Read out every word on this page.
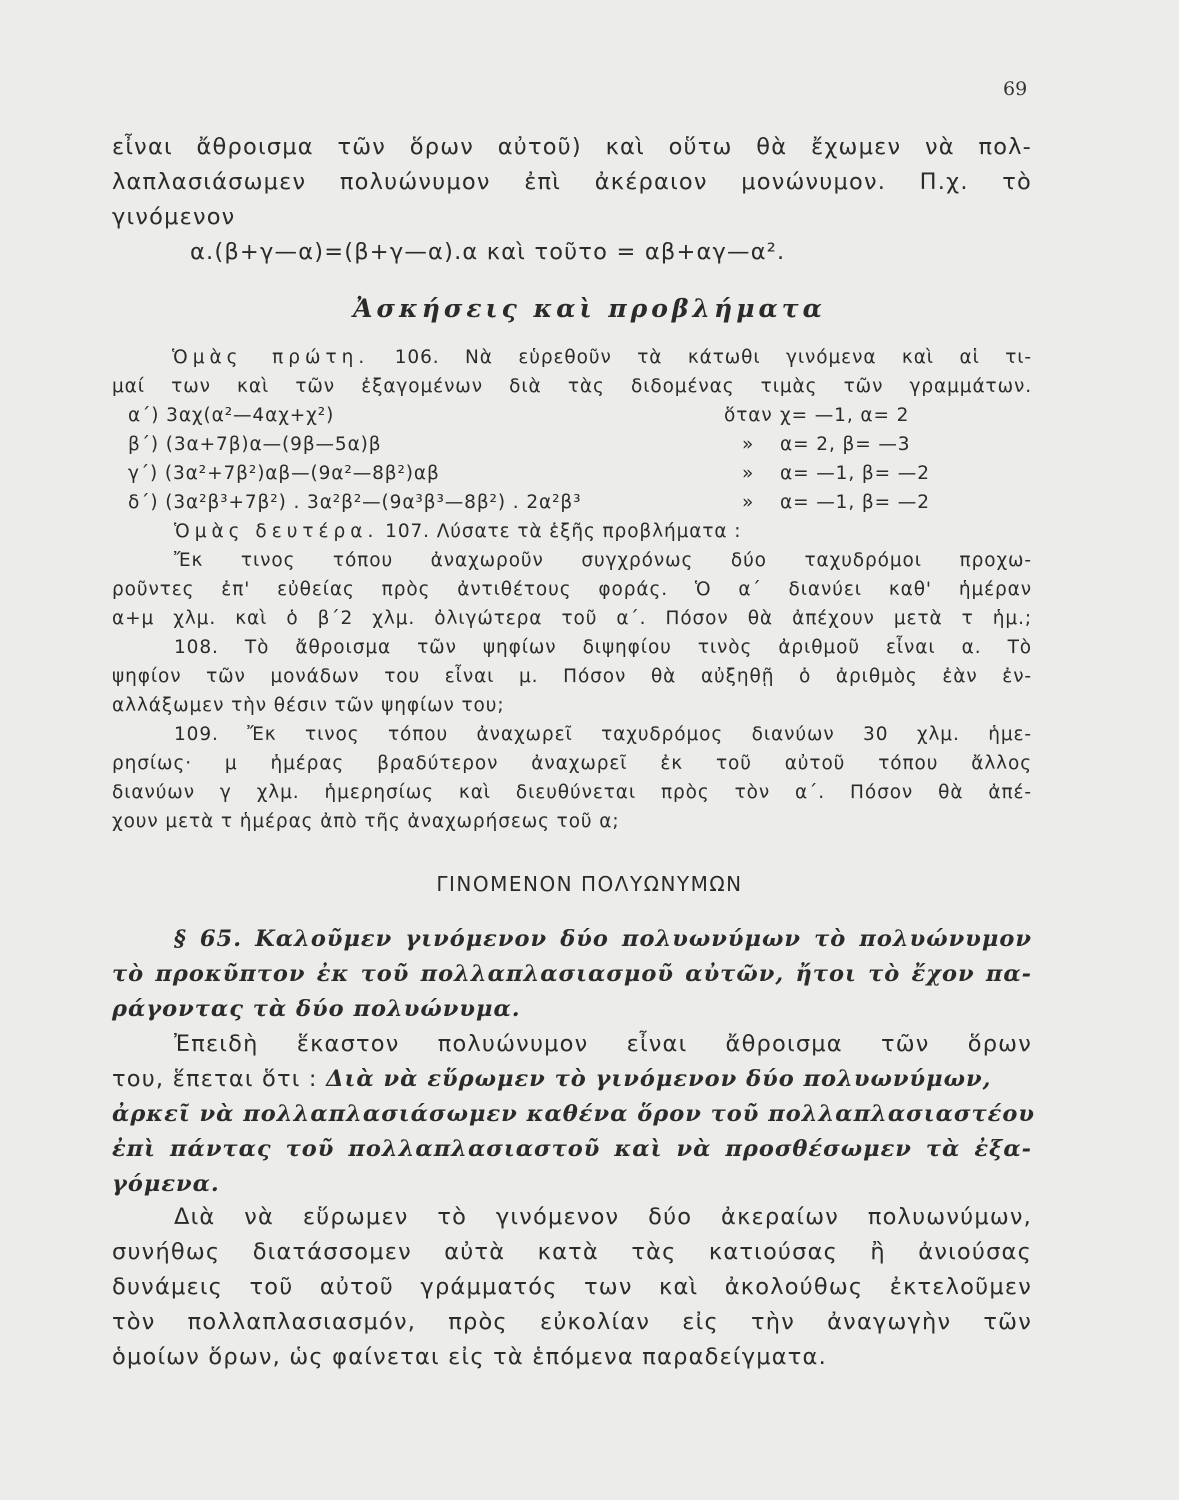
69
εἶναι ἄθροισμα τῶν ὅρων αὐτοῦ) καὶ οὕτω θὰ ἔχωμεν νὰ πολ-
λαπλασιάσωμεν πολυώνυμον ἐπὶ ἀκέραιον μονώνυμον. Π.χ. τὸ
γινόμενον
α.(β+γ—α)=(β+γ—α).α καὶ τοῦτο = αβ+αγ—α².
Ἀσκήσεις καὶ προβλήματα
Ὁμὰς πρώτη. 106. Νὰ εὑρεθοῦν τὰ κάτωθι γινόμενα καὶ αἱ τι-
μαί των καὶ τῶν ἐξαγομένων διὰ τὰς διδομένας τιμὰς τῶν γραμμάτων.
α΄) 3αχ(α²—4αχ+χ²)	ὅταν χ= —1, α= 2
β΄) (3α+7β)α—(9β—5α)β	» α= 2, β= —3
γ΄) (3α²+7β²)αβ—(9α²—8β²)αβ	» α= —1, β= —2
δ΄) (3α²β³+7β²) . 3α²β²—(9α³β³—8β²) . 2α²β³	» α= —1, β= —2
Ὁμὰς δευτέρα. 107. Λύσατε τὰ ἑξῆς προβλήματα :
Ἔκ τινος τόπου ἀναχωροῦν συγχρόνως δύο ταχυδρόμοι προχω-
ροῦντες ἐπ' εὐθείας πρὸς ἀντιθέτους φοράς. Ὁ α΄ διανύει καθ' ἡμέραν
α+μ χλμ. καὶ ὁ β΄2 χλμ. ὀλιγώτερα τοῦ α΄. Πόσον θὰ ἀπέχουν μετὰ τ ἡμ.;
108. Τὸ ἄθροισμα τῶν ψηφίων διψηφίου τινὸς ἀριθμοῦ εἶναι α. Τὸ
ψηφίον τῶν μονάδων του εἶναι μ. Πόσον θὰ αὐξηθῇ ὁ ἀριθμὸς ἐὰν ἐν-
αλλάξωμεν τὴν θέσιν τῶν ψηφίων του;
109. Ἔκ τινος τόπου ἀναχωρεῖ ταχυδρόμος διανύων 30 χλμ. ἡμε-
ρησίως· μ ἡμέρας βραδύτερον ἀναχωρεῖ ἐκ τοῦ αὐτοῦ τόπου ἄλλος
διανύων γ χλμ. ἡμερησίως καὶ διευθύνεται πρὸς τὸν α΄. Πόσον θὰ ἀπέ-
χουν μετὰ τ ἡμέρας ἀπὸ τῆς ἀναχωρήσεως τοῦ α;
ΓΙΝΟΜΕΝΟΝ ΠΟΛΥΩΝΥΜΩΝ
§ 65. Καλοῦμεν γινόμενον δύο πολυωνύμων τὸ πολυώνυμον
τὸ προκῦπτον ἐκ τοῦ πολλαπλασιασμοῦ αὐτῶν, ἤτοι τὸ ἔχον πα-
ράγοντας τὰ δύο πολυώνυμα.
Ἐπειδὴ ἕκαστον πολυώνυμον εἶναι ἄθροισμα τῶν ὅρων
του, ἕπεται ὅτι : Διὰ νὰ εὕρωμεν τὸ γινόμενον δύο πολυωνύμων,
ἀρκεῖ νὰ πολλαπλασιάσωμεν καθένα ὅρον τοῦ πολλαπλασιαστέου
ἐπὶ πάντας τοῦ πολλαπλασιαστοῦ καὶ νὰ προσθέσωμεν τὰ ἐξα-
γόμενα.
Διὰ νὰ εὕρωμεν τὸ γινόμενον δύο ἀκεραίων πολυωνύμων,
συνήθως διατάσσομεν αὐτὰ κατὰ τὰς κατιούσας ἢ ἀνιούσας
δυνάμεις τοῦ αὐτοῦ γράμματός των καὶ ἀκολούθως ἐκτελοῦμεν
τὸν πολλαπλασιασμόν, πρὸς εὐκολίαν εἰς τὴν ἀναγωγὴν τῶν
ὁμοίων ὅρων, ὡς φαίνεται εἰς τὰ ἑπόμενα παραδείγματα.
